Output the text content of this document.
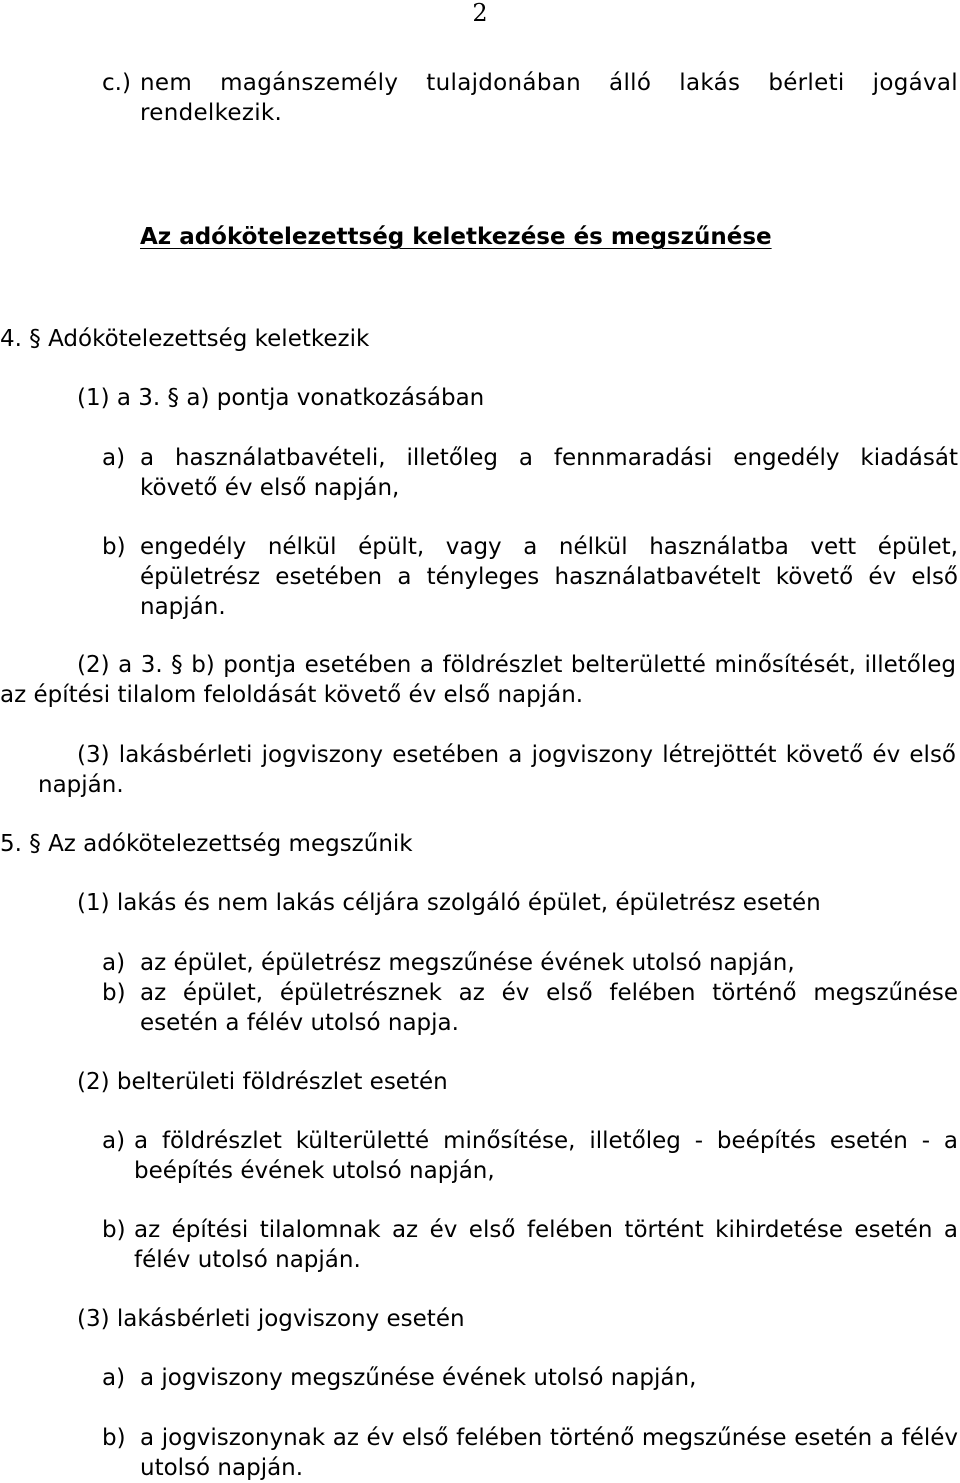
2
c.) nem magánszemély tulajdonában álló lakás bérleti jogával rendelkezik.
Az adókötelezettség keletkezése és megszűnése
4. § Adókötelezettség keletkezik
(1) a 3. § a) pontja vonatkozásában
a) a használatbavételi, illetőleg a fennmaradási engedély kiadását követő év első napján,
b) engedély nélkül épült, vagy a nélkül használatba vett épület, épületrész esetében a tényleges használatbavételt követő év első napján.
(2) a 3. § b) pontja esetében a földrészlet belterületté minősítését, illetőleg az építési tilalom feloldását követő év első napján.
(3) lakásbérleti jogviszony esetében a jogviszony létrejöttét követő év első napján.
5. § Az adókötelezettség megszűnik
(1) lakás és nem lakás céljára szolgáló épület, épületrész esetén
a) az épület, épületrész megszűnése évének utolsó napján,
b) az épület, épületrésznek az év első felében történő megszűnése esetén a félév utolsó napja.
(2) belterületi földrészlet esetén
a) a földrészlet külterületté minősítése, illetőleg - beépítés esetén - a beépítés évének utolsó napján,
b) az építési tilalomnak az év első felében történt kihirdetése esetén a félév utolsó napján.
(3) lakásbérleti jogviszony esetén
a) a jogviszony megszűnése évének utolsó napján,
b) a jogviszonynak az év első felében történő megszűnése esetén a félév utolsó napján.
